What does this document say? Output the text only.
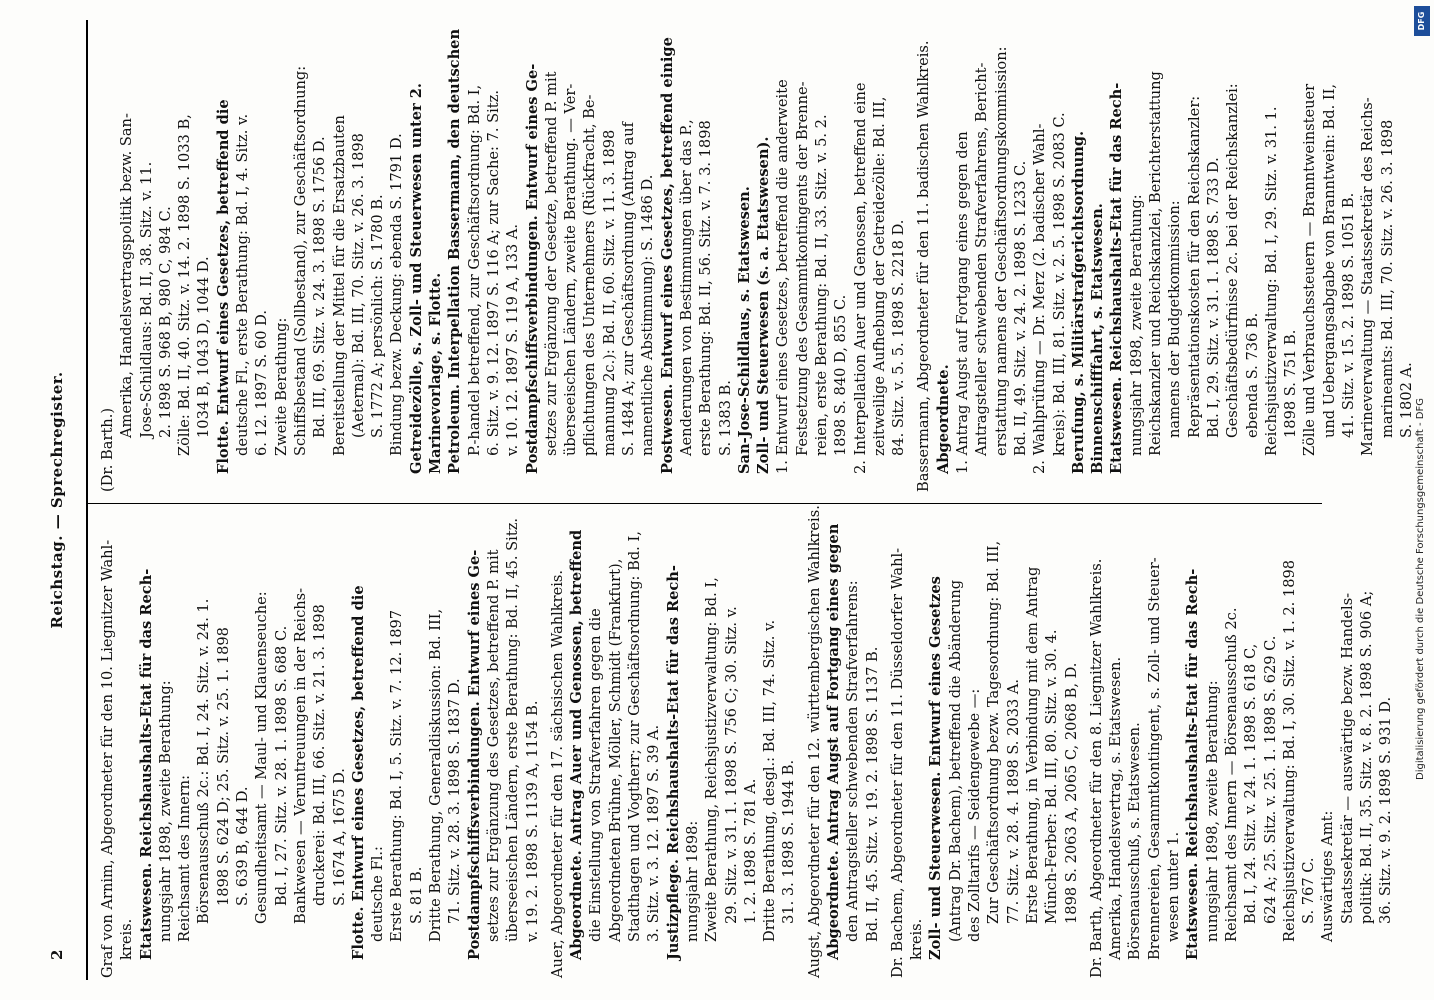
2
Reichstag. — Sprechregister.
Graf von Arnim, Abgeordneter für den 10. Liegnitzer Wahl- kreis. Etatswesen. Reichshaushalts-Etat für das Rech- nungsjahr 1898, zweite Berathung: Reichsamt des Innern: Börsenausschuß 2c.: Bd. I, 24. Sitz. v. 24. 1. 1898 S. 624 D; 25. Sitz. v. 25. 1. 1898 S. 639 B, 644 D. Gesundheitsamt — Maul- und Klauenseuche: Bd. I, 27. Sitz. v. 28. 1. 1898 S. 688 C. Bankwesen — Veruntreuungen in der Reichs- druckerei: Bd. III, 66. Sitz. v. 21. 3. 1898 S. 1674 A, 1675 D. Flotte. Entwurf eines Gesetzes, betreffend die deutsche Fl.: Erste Berathung: Bd. I, 5. Sitz. v. 7. 12. 1897 S. 81 B. Dritte Berathung, Generaldiskussion: Bd. III, 71. Sitz. v. 28. 3. 1898 S. 1837 D. Postdampfschiffsverbindungen. Entwurf eines Ge- setzes zur Ergänzung des Gesetzes, betreffend P. mit überseeischen Ländern, erste Berathung: Bd. II, 45. Sitz. v. 19. 2. 1898 S. 1139 A, 1154 B. Auer, Abgeordneter für den 17. sächsischen Wahlkreis. Abgeordnete. Antrag Auer und Genossen, betreffend die Einstellung von Strafverfahren gegen die Abgeordneten Brühne, Möller, Schmidt (Frankfurt), Stadthagen und Vogtherr; zur Geschäftsordnung: Bd. I, 3. Sitz. v. 3. 12. 1897 S. 39 A. Justizpflege. Reichshaushalts-Etat für das Rech- nungsjahr 1898: Zweite Berathung, Reichsjustizverwaltung: Bd. I, 29. Sitz. v. 31. 1. 1898 S. 756 C; 30. Sitz. v. 1. 2. 1898 S. 781 A. Dritte Berathung, desgl.: Bd. III, 74. Sitz. v. 31. 3. 1898 S. 1944 B. Augst, Abgeordneter für den 12. württembergischen Wahlkreis. Abgeordnete. Antrag Augst auf Fortgang eines gegen den Antragsteller schwebenden Strafverfahrens: Bd. II, 45. Sitz. v. 19. 2. 1898 S. 1137 B. Dr. Bachem, Abgeordneter für den 11. Düsseldorfer Wahl- kreis. Zoll- und Steuerwesen. Entwurf eines Gesetzes (Antrag Dr. Bachem), betreffend die Abänderung des Zolltarifs — Seidengewebe —: Zur Geschäftsordnung bezw. Tagesordnung: Bd. III, 77. Sitz. v. 28. 4. 1898 S. 2033 A. Erste Berathung, in Verbindung mit dem Antrag Münch-Ferber: Bd. III, 80. Sitz. v. 30. 4. 1898 S. 2063 A, 2065 C, 2068 B, D. Dr. Barth, Abgeordneter für den 8. Liegnitzer Wahlkreis. Amerika, Handelsvertrag, s. Etatswesen. Börsenausschuß, s. Etatswesen. Brennereien, Gesammtkontingent, s. Zoll- und Steuer- wesen unter 1. Etatswesen. Reichshaushalts-Etat für das Rech- nungsjahr 1898, zweite Berathung: Reichsamt des Innern — Börsenausschuß 2c. Bd. I, 24. Sitz. v. 24. 1. 1898 S. 618 C, 624 A; 25. Sitz. v. 25. 1. 1898 S. 629 C. Reichsjustizverwaltung: Bd. I, 30. Sitz. v. 1. 2. 1898 S. 767 C. Auswärtiges Amt: Staatssekretär — auswärtige bezw. Handels- politik: Bd. II, 35. Sitz. v. 8. 2. 1898 S. 906 A; 36. Sitz. v. 9. 2. 1898 S. 931 D.
(Dr. Barth.)
Amerika, Handelsvertragspolitik bezw. San- Jose-Schildlaus: Bd. II, 38. Sitz. v. 11. 2. 1898 S. 968 B, 980 C, 984 C. Zölle: Bd. II, 40. Sitz. v. 14. 2. 1898 S. 1033 B, 1034 B, 1043 D, 1044 D. Flotte. Entwurf eines Gesetzes, betreffend die deutsche Fl., erste Berathung: Bd. I, 4. Sitz. v. 6. 12. 1897 S. 60 D. Zweite Berathung: Schiffsbestand (Sollbestand), zur Geschäftsordnung: Bd. III, 69. Sitz. v. 24. 3. 1898 S. 1756 D. Bereitstellung der Mittel für die Ersatzbauten (Aeternal): Bd. III, 70. Sitz. v. 26. 3. 1898 S. 1772 A; persönlich: S. 1780 B. Bindung bezw. Deckung: ebenda S. 1791 D. Getreidezölle, s. Zoll- und Steuerwesen unter 2. Marinevorlage, s. Flotte. Petroleum. Interpellation Bassermann, den deutschen P.-handel betreffend, zur Geschäftsordnung: Bd. I, 6. Sitz. v. 9. 12. 1897 S. 116 A; zur Sache: 7. Sitz. v. 10. 12. 1897 S. 119 A, 133 A. Postdampfschiffsverbindungen. Entwurf eines Ge- setzes zur Ergänzung der Gesetze, betreffend P. mit überseeischen Ländern, zweite Berathung. — Ver- pflichtungen des Unternehmers (Rückfracht, Be- mannung 2c.): Bd. II, 60. Sitz. v. 11. 3. 1898 S. 1484 A; zur Geschäftsordnung (Antrag auf namentliche Abstimmung): S. 1486 D. Postwesen. Entwurf eines Gesetzes, betreffend einige Aenderungen von Bestimmungen über das P., erste Berathung: Bd. II, 56. Sitz. v. 7. 3. 1898 S. 1383 B. San-Jose-Schildlaus, s. Etatswesen. Zoll- und Steuerwesen (s. a. Etatswesen). 1. Entwurf eines Gesetzes, betreffend die anderweite Festsetzung des Gesammtkontingents der Brenne- reien, erste Berathung: Bd. II, 33. Sitz. v. 5. 2. 1898 S. 840 D, 855 C. 2. Interpellation Auer und Genossen, betreffend eine zeitweilige Aufhebung der Getreidezölle: Bd. III, 84. Sitz. v. 5. 5. 1898 S. 2218 D. Bassermann, Abgeordneter für den 11. badischen Wahlkreis. Abgeordnete. 1. Antrag Augst auf Fortgang eines gegen den Antragsteller schwebenden Strafverfahrens, Bericht- erstattung namens der Geschäftsordnungskommission: Bd. II, 49. Sitz. v. 24. 2. 1898 S. 1233 C. 2. Wahlprüfung — Dr. Merz (2. badischer Wahl- kreis): Bd. III, 81. Sitz. v. 2. 5. 1898 S. 2083 C. Berufung, s. Militärstrafgerichtsordnung. Binnenschifffahrt, s. Etatswesen. Etatswesen. Reichshaushalts-Etat für das Rech- nungsjahr 1898, zweite Berathung: Reichskanzler und Reichskanzlei, Berichterstattung namens der Budgetkommission: Repräsentationskosten für den Reichskanzler: Bd. I, 29. Sitz. v. 31. 1. 1898 S. 733 D. Geschäftsbedürfnisse 2c. bei der Reichskanzlei: ebenda S. 736 B. Reichsjustizverwaltung: Bd. I, 29. Sitz. v. 31. 1. 1898 S. 751 B. Zölle und Verbrauchssteuern — Branntweinsteuer und Uebergangsabgabe von Branntwein: Bd. II, 41. Sitz. v. 15. 2. 1898 S. 1051 B. Marineverwaltung — Staatssekretär des Reichs- marineamts: Bd. III, 70. Sitz. v. 26. 3. 1898 S. 1802 A.
DFG
Digitalisierung gefördert durch die Deutsche Forschungsgemeinschaft - DFG
